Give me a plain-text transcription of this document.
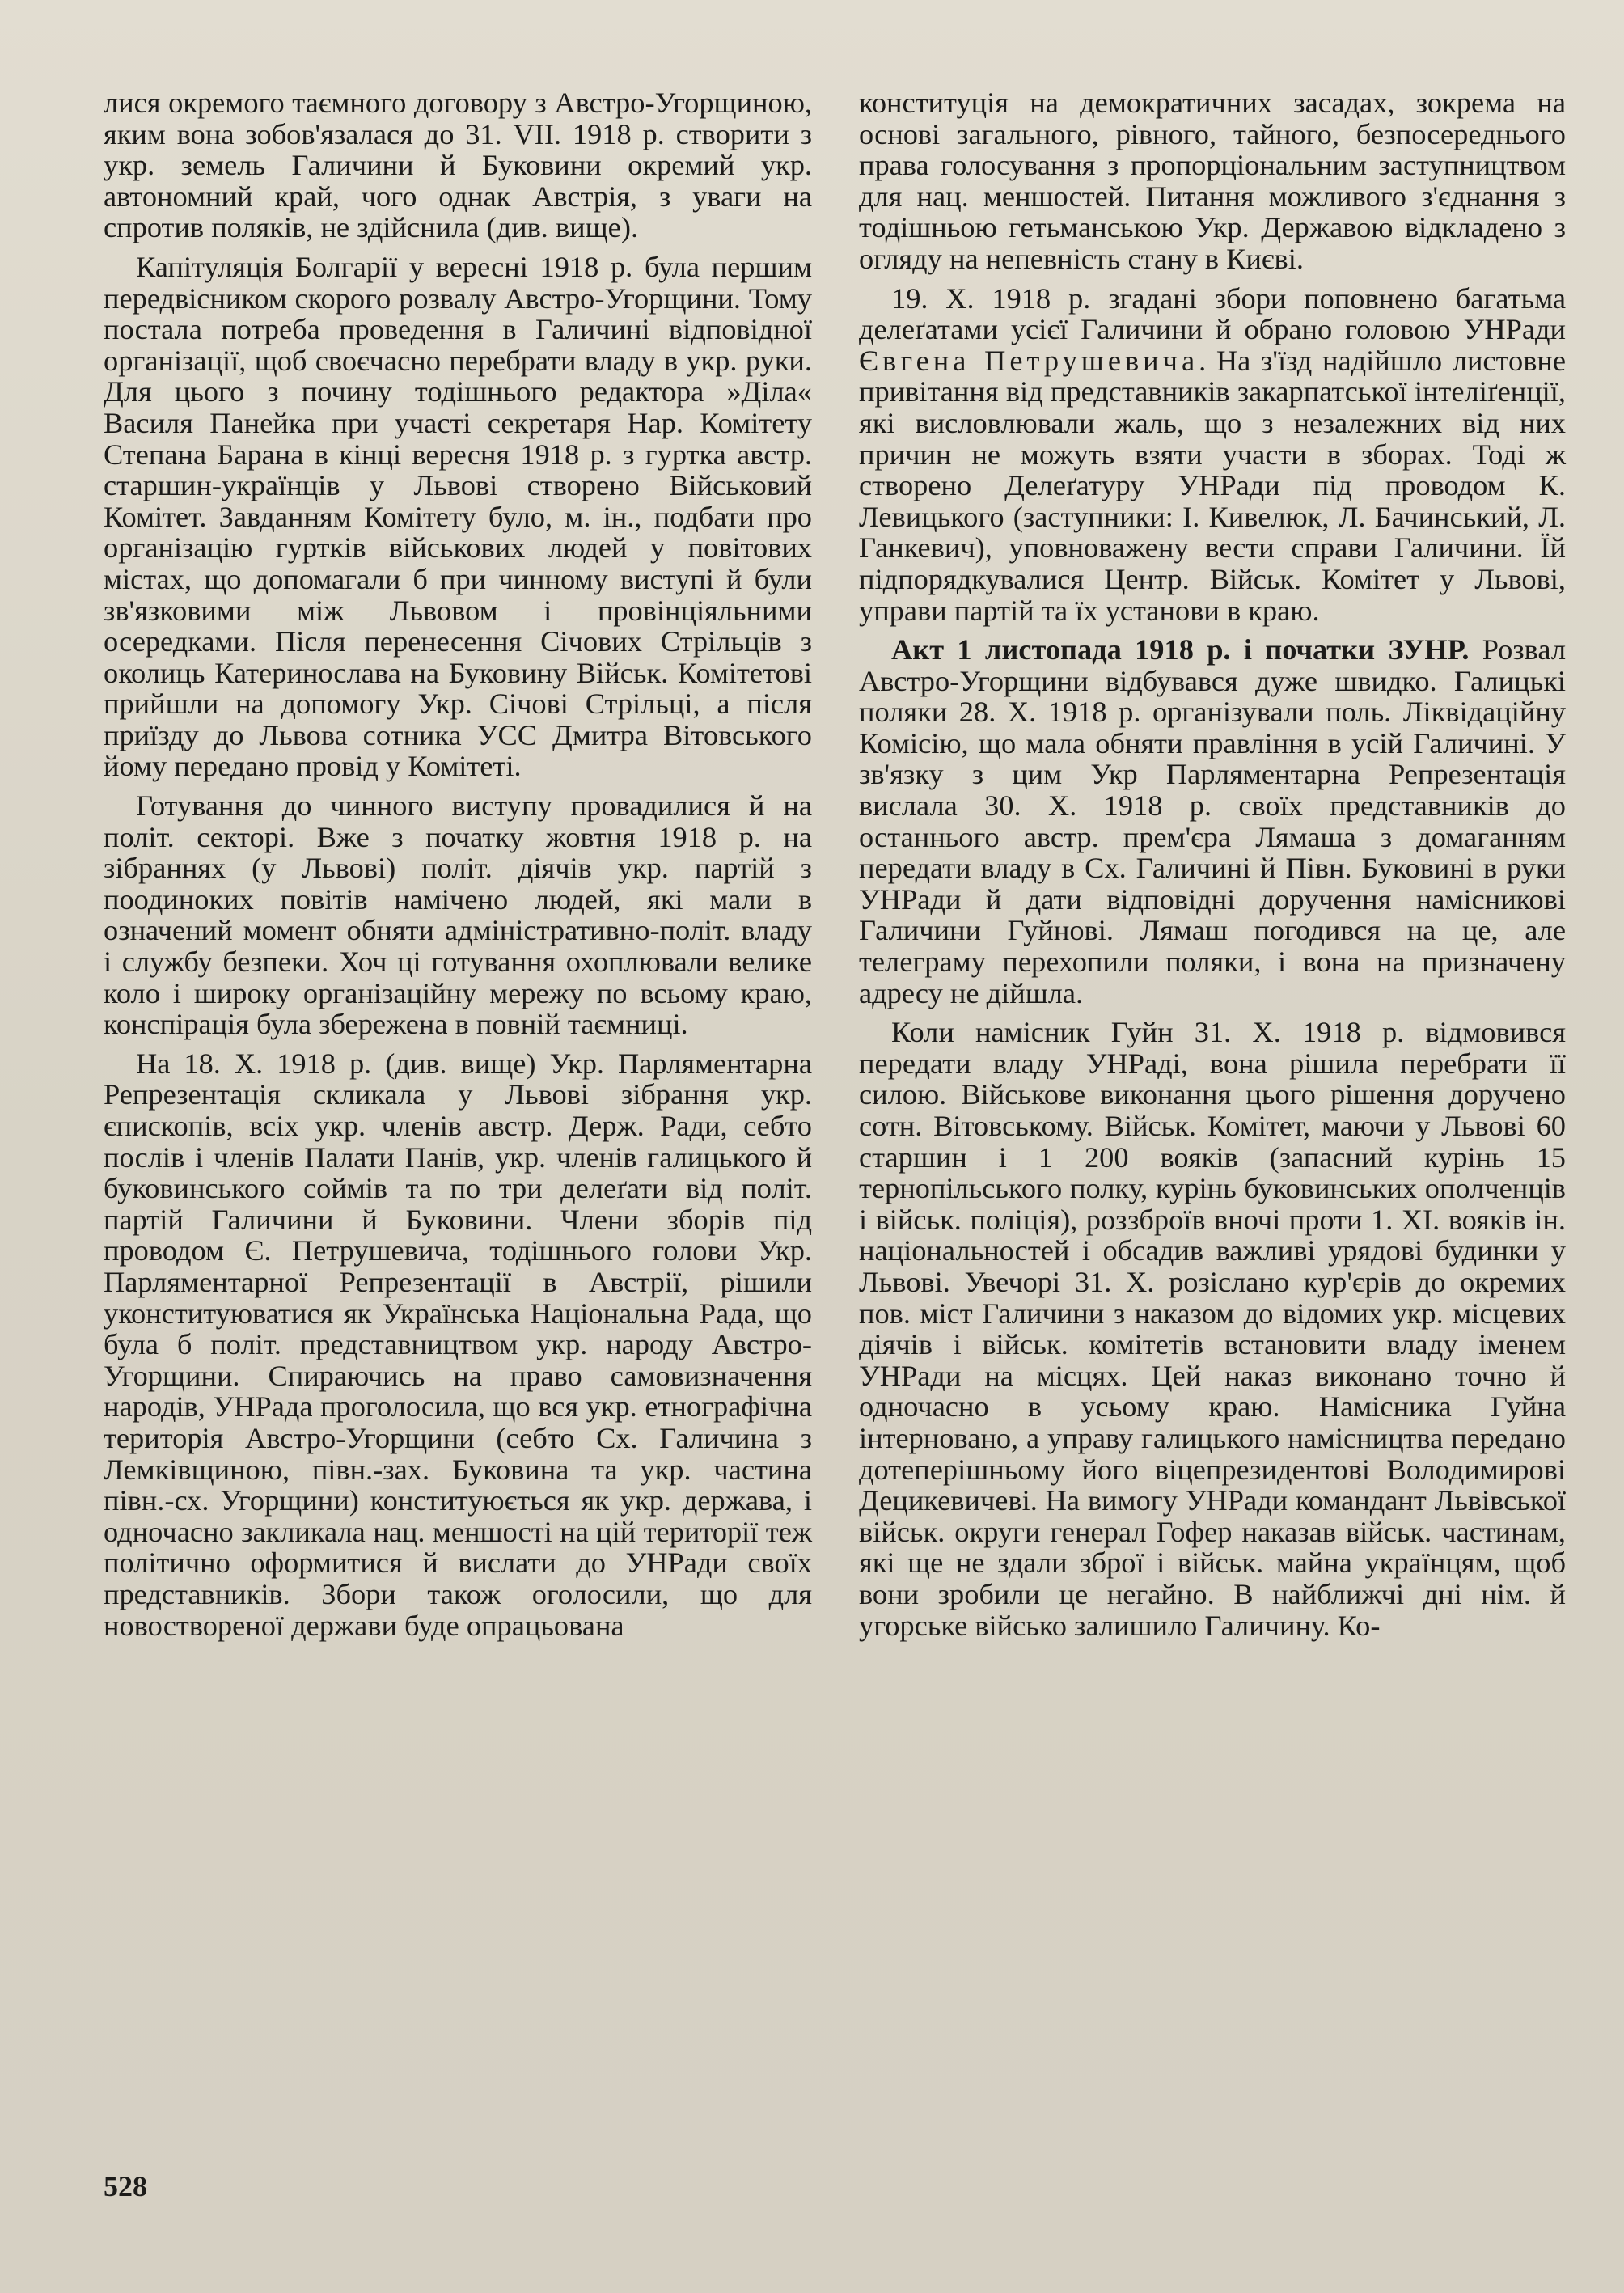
лися окремого таємного договору з Австро-Угорщиною, яким вона зобов'язалася до 31. VII. 1918 р. створити з укр. земель Галичини й Буковини окремий укр. автономний край, чого однак Австрія, з уваги на спротив поляків, не здійснила (див. вище).

Капітуляція Болгарії у вересні 1918 р. була першим передвісником скорого розвалу Австро-Угорщини. Тому постала потреба проведення в Галичині відповідної організації, щоб своєчасно перебрати владу в укр. руки. Для цього з почину тодішнього редактора »Діла« Василя Панейка при участі секретаря Нар. Комітету Степана Барана в кінці вересня 1918 р. з гуртка австр. старшин-українців у Львові створено Військовий Комітет. Завданням Комітету було, м. ін., подбати про організацію гуртків військових людей у повітових містах, що допомагали б при чинному виступі й були зв'язковими між Львовом і провінціяльними осередками. Після перенесення Січових Стрільців з околиць Катеринослава на Буковину Військ. Комітетові прийшли на допомогу Укр. Січові Стрільці, а після приїзду до Львова сотника УСС Дмитра Вітовського йому передано провід у Комітеті.

Готування до чинного виступу провадилися й на політ. секторі. Вже з початку жовтня 1918 р. на зібраннях (у Львові) політ. діячів укр. партій з поодиноких повітів намічено людей, які мали в означений момент обняти адміністративно-політ. владу і службу безпеки. Хоч ці готування охоплювали велике коло і широку організаційну мережу по всьому краю, конспірація була збережена в повній таємниці.

На 18. X. 1918 р. (див. вище) Укр. Парляментарна Репрезентація скликала у Львові зібрання укр. єпископів, всіх укр. членів австр. Держ. Ради, себто послів і членів Палати Панів, укр. членів галицького й буковинського соймів та по три делеґати від політ. партій Галичини й Буковини. Члени зборів під проводом Є. Петрушевича, тодішнього голови Укр. Парляментарної Репрезентації в Австрії, рішили уконституюватися як Українська Національна Рада, що була б політ. представництвом укр. народу Австро-Угорщини. Спираючись на право самовизначення народів, УНРада проголосила, що вся укр. етнографічна територія Австро-Угорщини (себто Сх. Галичина з Лемківщиною, півн.-зах. Буковина та укр. частина півн.-сх. Угорщини) конституюється як укр. держава, і одночасно закликала нац. меншості на цій території теж політично оформитися й вислати до УНРади своїх представників. Збори також оголосили, що для новоствореної держави буде опрацьована

конституція на демократичних засадах, зокрема на основі загального, рівного, тайного, безпосереднього права голосування з пропорціональним заступництвом для нац. меншостей. Питання можливого з'єднання з тодішньою гетьманською Укр. Державою відкладено з огляду на непевність стану в Києві.

19. X. 1918 р. згадані збори поповнено багатьма делеґатами усієї Галичини й обрано головою УНРади Євгена Петрушевича. На з'їзд надійшло листовне привітання від представників закарпатської інтеліґенції, які висловлювали жаль, що з незалежних від них причин не можуть взяти участи в зборах. Тоді ж створено Делеґатуру УНРади під проводом К. Левицького (заступники: І. Кивелюк, Л. Бачинський, Л. Ганкевич), уповноважену вести справи Галичини. Їй підпорядкувалися Центр. Військ. Комітет у Львові, управи партій та їх установи в краю.

Акт 1 листопада 1918 р. і початки ЗУНР. Розвал Австро-Угорщини відбувався дуже швидко. Галицькі поляки 28. X. 1918 р. організували поль. Ліквідаційну Комісію, що мала обняти правління в усій Галичині. У зв'язку з цим Укр Парляментарна Репрезентація вислала 30. X. 1918 р. своїх представників до останнього австр. прем'єра Лямаша з домаганням передати владу в Сх. Галичині й Півн. Буковині в руки УНРади й дати відповідні доручення намісникові Галичини Гуйнові. Лямаш погодився на це, але телеграму перехопили поляки, і вона на призначену адресу не дійшла.

Коли намісник Гуйн 31. X. 1918 р. відмовився передати владу УНРаді, вона рішила перебрати її силою. Військове виконання цього рішення доручено сотн. Вітовському. Військ. Комітет, маючи у Львові 60 старшин і 1 200 вояків (запасний курінь 15 тернопільського полку, курінь буковинських ополченців і військ. поліція), роззброїв вночі проти 1. XI. вояків ін. національностей і обсадив важливі урядові будинки у Львові. Увечорі 31. X. розіслано кур'єрів до окремих пов. міст Галичини з наказом до відомих укр. місцевих діячів і військ. комітетів встановити владу іменем УНРади на місцях. Цей наказ виконано точно й одночасно в усьому краю. Намісника Гуйна інтерновано, а управу галицького намісництва передано дотеперішньому його віцепрезидентові Володимирові Децикевичеві. На вимогу УНРади командант Львівської військ. округи генерал Гофер наказав військ. частинам, які ще не здали зброї і військ. майна українцям, щоб вони зробили це негайно. В найближчі дні нім. й угорське військо залишило Галичину. Ко-

528
